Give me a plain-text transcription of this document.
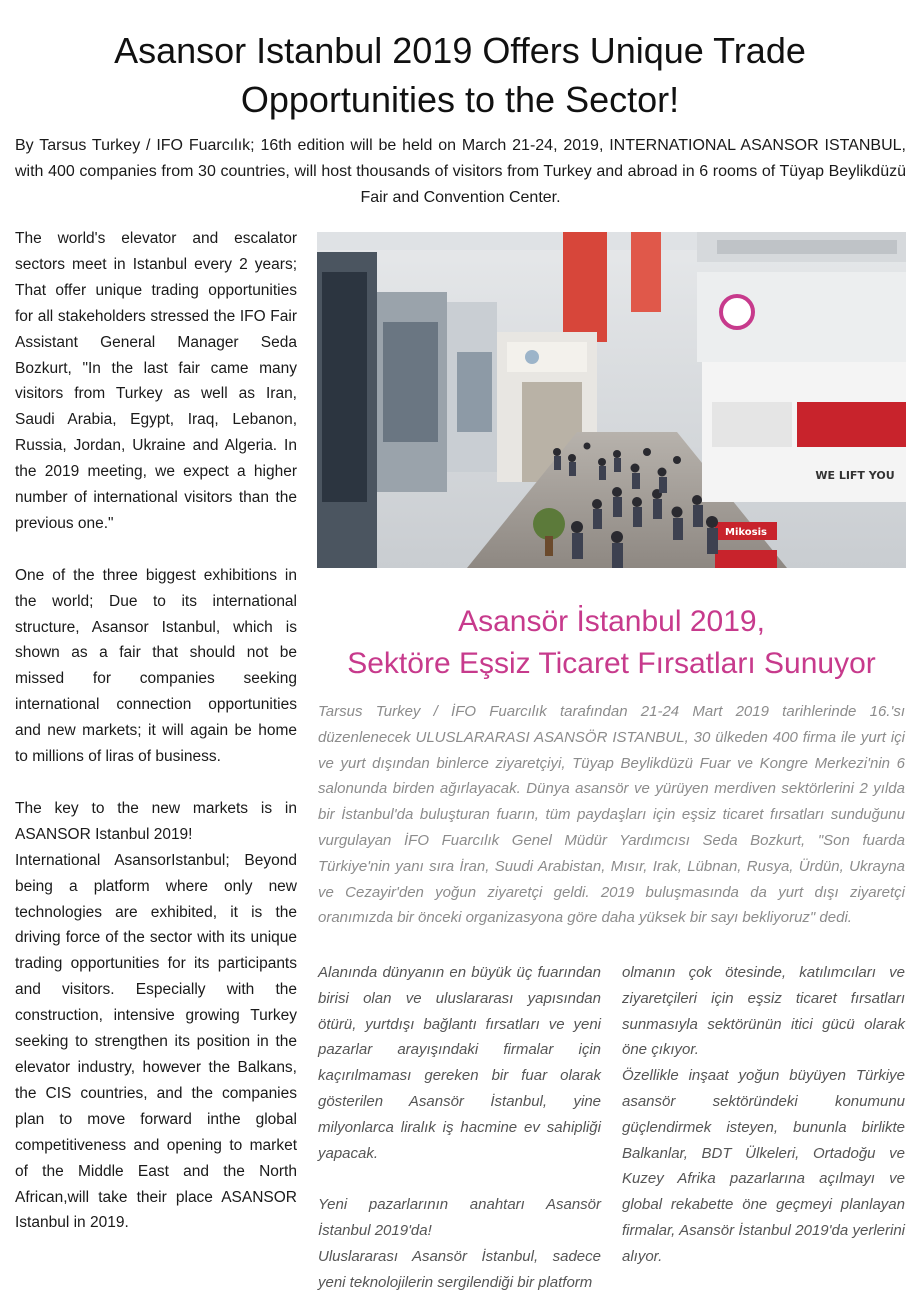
Asansor Istanbul 2019 Offers Unique Trade Opportunities to the Sector!
By Tarsus Turkey / IFO Fuarcılık; 16th edition will be held on March 21-24, 2019, INTERNATIONAL ASANSOR ISTANBUL, with 400 companies from 30 countries, will host thousands of visitors from Turkey and abroad in 6 rooms of Tüyap Beylikdüzü Fair and Convention Center.

The world's elevator and escalator sectors meet in Istanbul every 2 years; That offer unique trading opportunities for all stakeholders stressed the IFO Fair Assistant General Manager Seda Bozkurt, "In the last fair came many visitors from Turkey as well as Iran, Saudi Arabia, Egypt, Iraq, Lebanon, Russia, Jordan, Ukraine and Algeria. In the 2019 meeting, we expect a higher number of international visitors than the previous one."

One of the three biggest exhibitions in the world; Due to its international structure, Asansor Istanbul, which is shown as a fair that should not be missed for companies seeking international connection opportunities and new markets; it will again be home to millions of liras of business.

The key to the new markets is in ASANSOR Istanbul 2019!

International AsansorIstanbul; Beyond being a platform where only new technologies are exhibited, it is the driving force of the sector with its unique trading opportunities for its participants and visitors. Especially with the construction, intensive growing Turkey seeking to strengthen its position in the elevator industry, however the Balkans, the CIS countries, and the companies plan to move forward inthe global competitiveness and opening to market of the Middle East and the North African,will take their place ASANSOR Istanbul in 2019.

WE LIFT YOU
Mikosis
Asansör İstanbul 2019,
Sektöre Eşsiz Ticaret Fırsatları Sunuyor
Tarsus Turkey / İFO Fuarcılık tarafından 21-24 Mart 2019 tarihlerinde 16.'sı düzenlenecek ULUSLARARASI ASANSÖR ISTANBUL, 30 ülkeden 400 firma ile yurt içi ve yurt dışından binlerce ziyaretçiyi, Tüyap Beylikdüzü Fuar ve Kongre Merkezi'nin 6 salonunda birden ağırlayacak. Dünya asansör ve yürüyen merdiven sektörlerini 2 yılda bir İstanbul'da buluşturan fuarın, tüm paydaşları için eşsiz ticaret fırsatları sunduğunu vurgulayan İFO Fuarcılık Genel Müdür Yardımcısı Seda Bozkurt, "Son fuarda Türkiye'nin yanı sıra İran, Suudi Arabistan, Mısır, Irak, Lübnan, Rusya, Ürdün, Ukrayna ve Cezayir'den yoğun ziyaretçi geldi. 2019 buluşmasında da yurt dışı ziyaretçi oranımızda bir önceki organizasyona göre daha yüksek bir sayı bekliyoruz" dedi.

Alanında dünyanın en büyük üç fuarından birisi olan ve uluslararası yapısından ötürü, yurtdışı bağlantı fırsatları ve yeni pazarlar arayışındaki firmalar için kaçırılmaması gereken bir fuar olarak gösterilen Asansör İstanbul, yine milyonlarca liralık iş hacmine ev sahipliği yapacak.

Yeni pazarlarının anahtarı Asansör İstanbul 2019'da!

Uluslararası Asansör İstanbul, sadece yeni teknolojilerin sergilendiği bir platform

olmanın çok ötesinde, katılımcıları ve ziyaretçileri için eşsiz ticaret fırsatları sunmasıyla sektörünün itici gücü olarak öne çıkıyor.

Özellikle inşaat yoğun büyüyen Türkiye asansör sektöründeki konumunu güçlendirmek isteyen, bununla birlikte Balkanlar, BDT Ülkeleri, Ortadoğu ve Kuzey Afrika pazarlarına açılmayı ve global rekabette öne geçmeyi planlayan firmalar, Asansör İstanbul 2019'da yerlerini alıyor.
